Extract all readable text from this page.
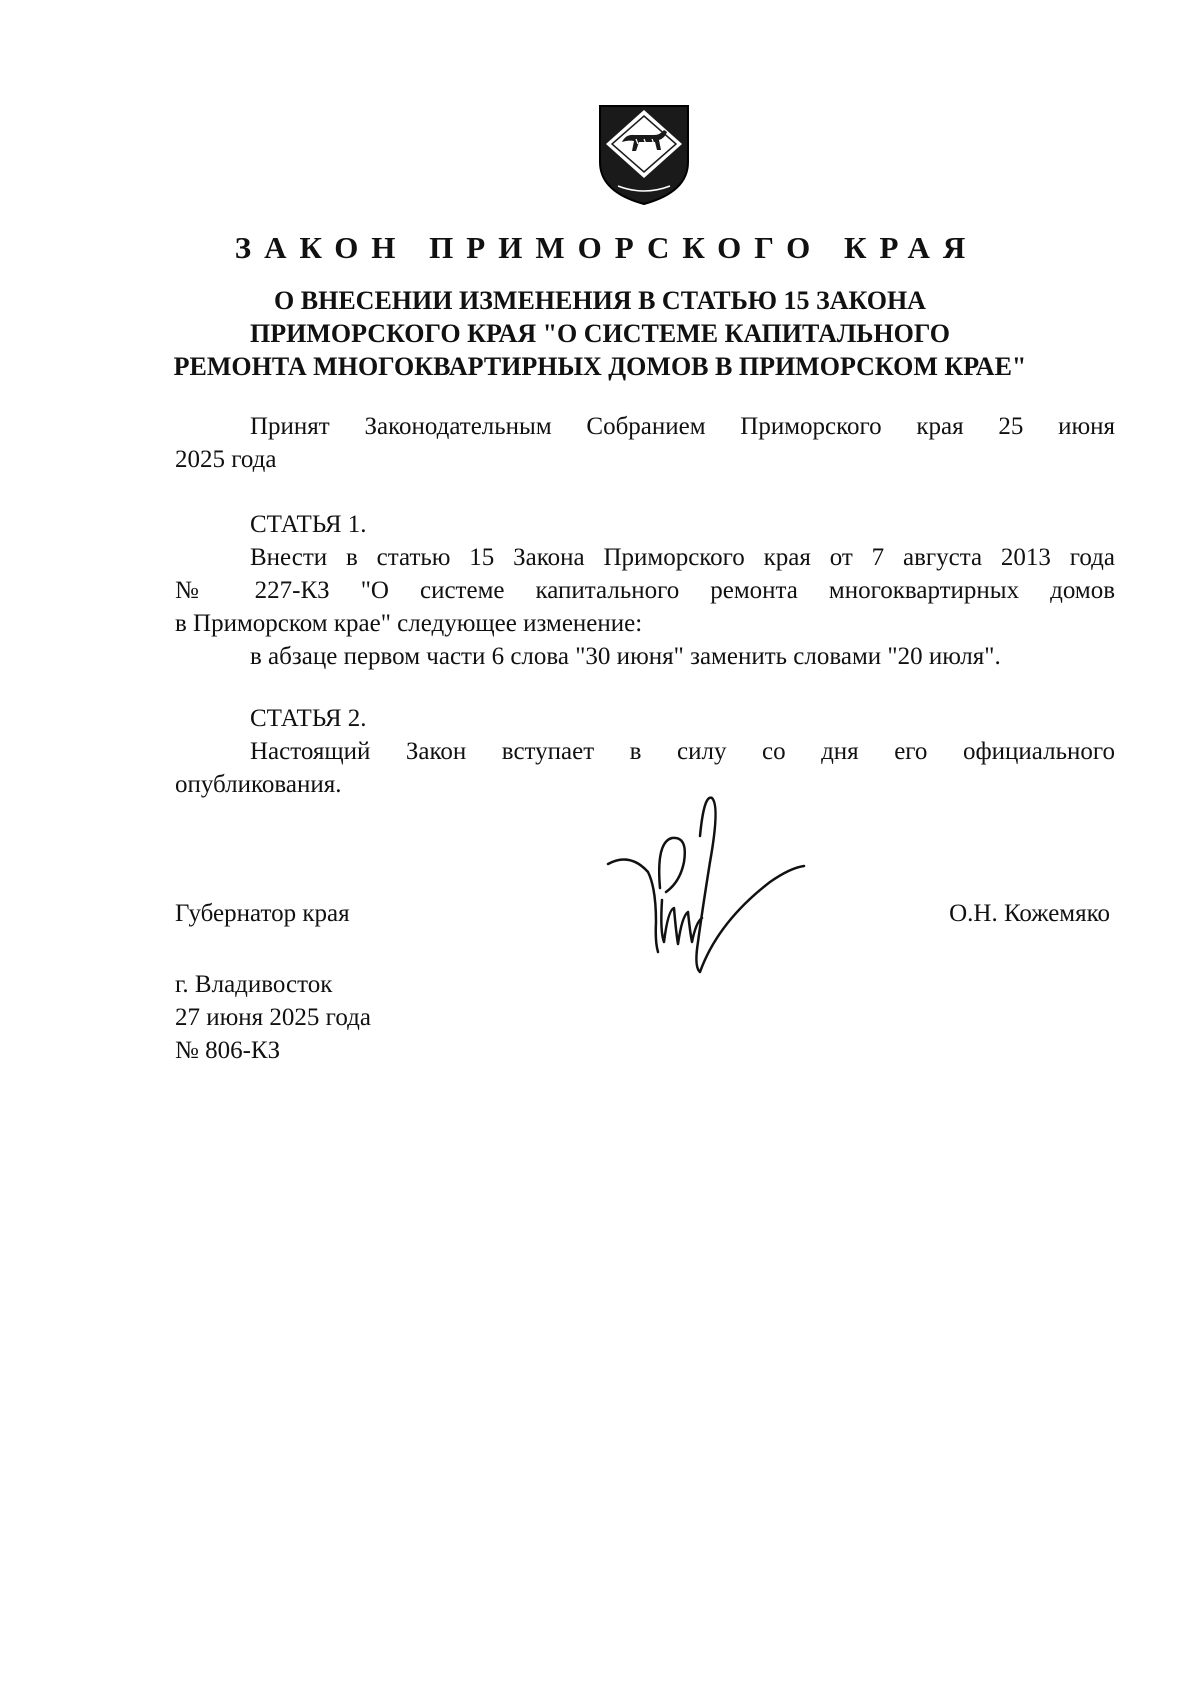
ЗАКОН ПРИМОРСКОГО КРАЯ
О ВНЕСЕНИИ ИЗМЕНЕНИЯ В СТАТЬЮ 15 ЗАКОНА
ПРИМОРСКОГО КРАЯ "О СИСТЕМЕ КАПИТАЛЬНОГО
РЕМОНТА МНОГОКВАРТИРНЫХ ДОМОВ В ПРИМОРСКОМ КРАЕ"
Принят Законодательным Собранием Приморского края 25 июня
2025 года
СТАТЬЯ 1.
Внести в статью 15 Закона Приморского края от 7 августа 2013 года
№ 227-КЗ "О системе капитального ремонта многоквартирных домов
в Приморском крае" следующее изменение:
в абзаце первом части 6 слова "30 июня" заменить словами "20 июля".
СТАТЬЯ 2.
Настоящий Закон вступает в силу со дня его официального
опубликования.
Губернатор края	О.Н. Кожемяко
г. Владивосток
27 июня 2025 года
№ 806-КЗ
